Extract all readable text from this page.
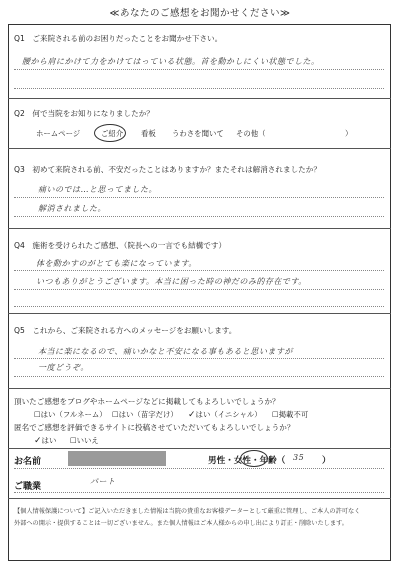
≪あなたのご感想をお聞かせください≫
Q1　ご来院される前のお困りだったことをお聞かせ下さい。
腰から肩にかけて力をかけてはっている状態。首を動かしにくい状態でした。
Q2　何で当院をお知りになりましたか？
ホームページ	ご紹介 看板 うわさを聞いて その他（	）
Q3　初めて来院される前、不安だったことはありますか？またそれは解消されましたか？
痛いのでは…と思ってました。
解消されました。
Q4　施術を受けられたご感想、（院長への一言でも結構です）
体を動かすのがとても楽になっています。
いつもありがとうございます。本当に困った時の神だのみ的存在です。
Q5　これから、ご来院される方へのメッセージをお願いします。
本当に楽になるので、痛いかなと不安になる事もあると思いますが
一度どうぞ。
頂いたご感想をブログやホームページなどに掲載してもよろしいでしょうか？
☐はい（フルネーム） ☐はい（苗字だけ） ✓はい（イニシャル） ☐掲載不可
匿名でご感想を評価できるサイトに投稿させていただいてもよろしいでしょうか？
✓はい ☐いいえ
お名前	男性・女性・年齢（ 35 ）
ご職業
パート
【個人情報保護について】ご記入いただきました情報は当院の貴重なお客様データーとして厳重に管理し、ご本人の許可なく
外部への開示・提供することは一切ございません。また個人情報はご本人様からの申し出により訂正・削除いたします。
